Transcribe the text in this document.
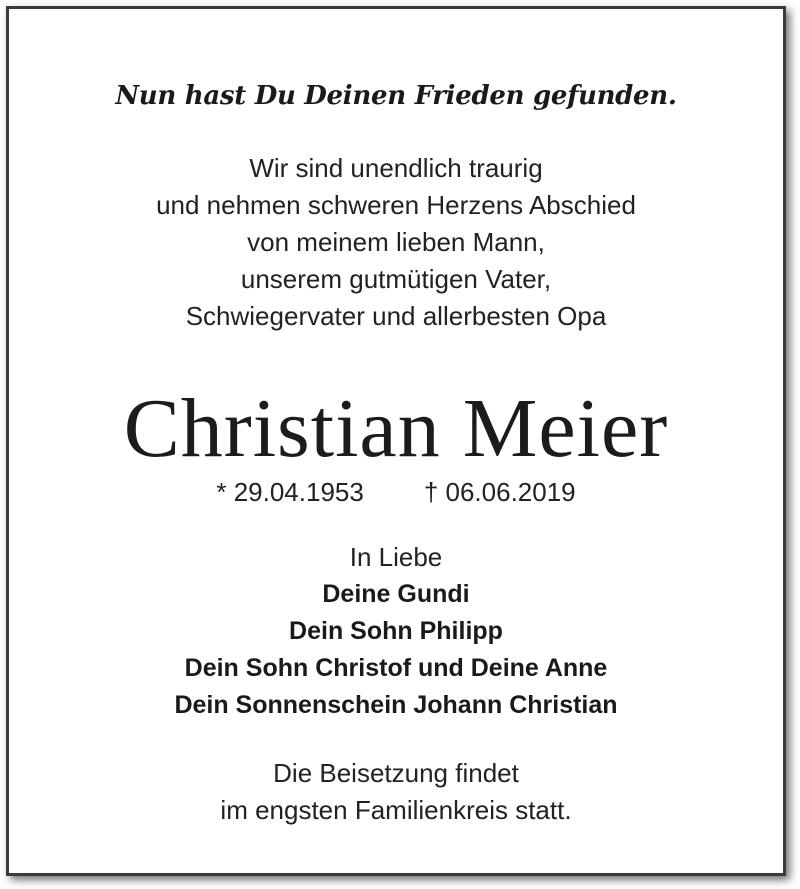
Nun hast Du Deinen Frieden gefunden.
Wir sind unendlich traurig
und nehmen schweren Herzens Abschied
von meinem lieben Mann,
unserem gutmütigen Vater,
Schwiegervater und allerbesten Opa
Christian Meier
* 29.04.1953 † 06.06.2019
In Liebe
Deine Gundi
Dein Sohn Philipp
Dein Sohn Christof und Deine Anne
Dein Sonnenschein Johann Christian
Die Beisetzung findet
im engsten Familienkreis statt.
